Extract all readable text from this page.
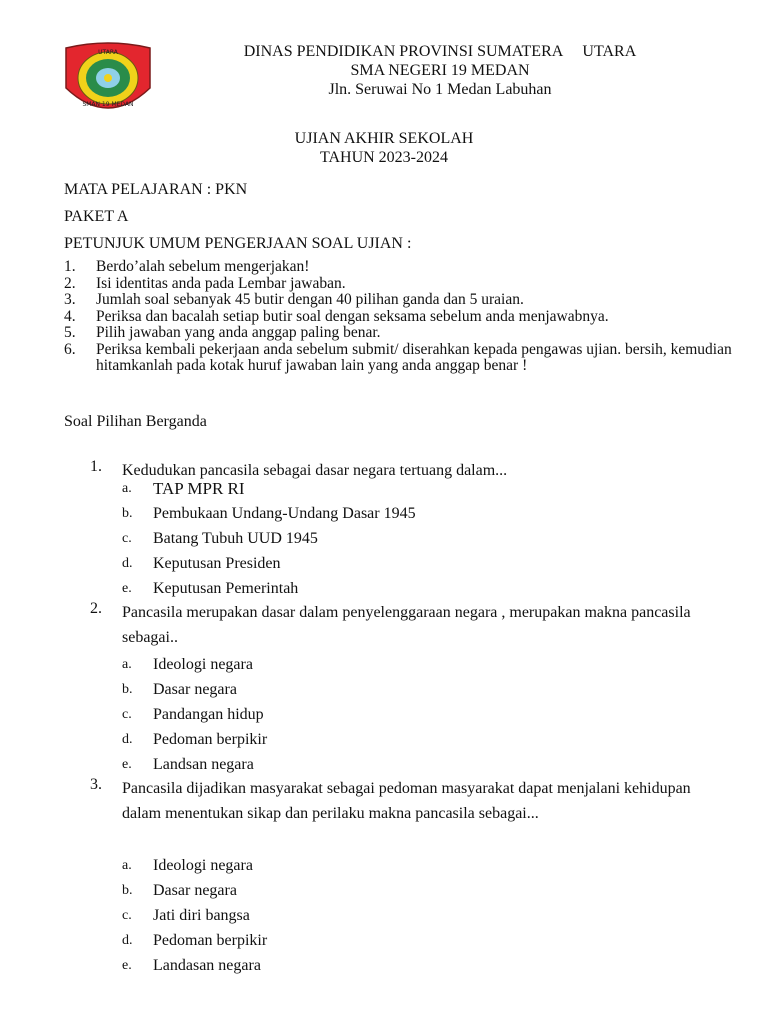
UTARA
SMAN 19 MEDAN
DINAS PENDIDIKAN PROVINSI SUMATERA     UTARA
SMA NEGERI 19 MEDAN
Jln. Seruwai No 1 Medan Labuhan
UJIAN AKHIR SEKOLAH
TAHUN 2023-2024
MATA PELAJARAN : PKN
PAKET A
PETUNJUK UMUM PENGERJAAN SOAL UJIAN :
1.	Berdo’alah sebelum mengerjakan!
2.	Isi identitas anda pada Lembar jawaban.
3.	Jumlah soal sebanyak 45 butir dengan 40 pilihan ganda dan 5 uraian.
4.	Periksa dan bacalah setiap butir soal dengan seksama sebelum anda menjawabnya.
5.	Pilih jawaban yang anda anggap paling benar.
6.	Periksa kembali pekerjaan anda sebelum submit/ diserahkan kepada pengawas ujian. bersih, kemudian hitamkanlah pada kotak huruf jawaban lain yang anda anggap benar !
Soal Pilihan Berganda
1.	Kedudukan pancasila sebagai dasar negara tertuang dalam...
a.	TAP MPR RI
b.	Pembukaan Undang-Undang Dasar 1945
c.	Batang Tubuh UUD 1945
d.	Keputusan Presiden
e.	Keputusan Pemerintah
2.	Pancasila merupakan dasar dalam penyelenggaraan negara , merupakan makna pancasila sebagai..
a.	Ideologi negara
b.	Dasar negara
c.	Pandangan hidup
d.	Pedoman berpikir
e.	Landsan negara
3.	Pancasila dijadikan masyarakat sebagai pedoman masyarakat dapat menjalani kehidupan dalam menentukan sikap dan perilaku makna pancasila sebagai...
a.	Ideologi negara
b.	Dasar negara
c.	Jati diri bangsa
d.	Pedoman berpikir
e.	Landasan negara
